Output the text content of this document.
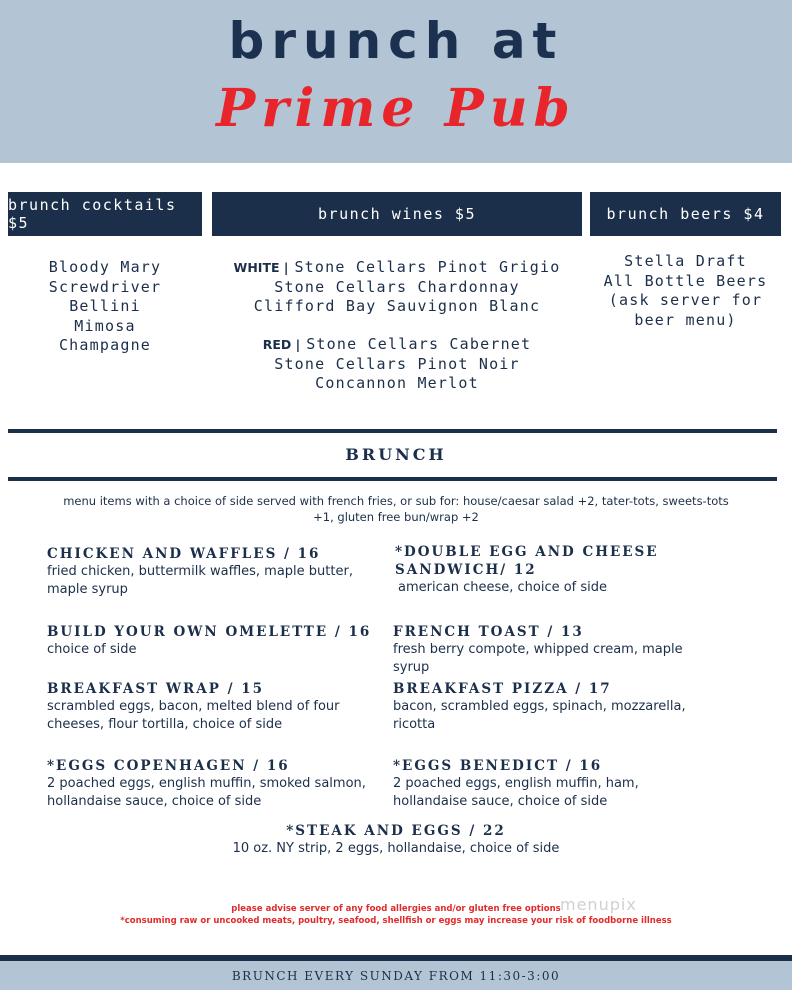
brunch at
Prime Pub
brunch cocktails $5	brunch wines $5	brunch beers $4
Bloody Mary
Screwdriver
Bellini
Mimosa
Champagne
WHITE | Stone Cellars Pinot Grigio
Stone Cellars Chardonnay
Clifford Bay Sauvignon Blanc
RED | Stone Cellars Cabernet
Stone Cellars Pinot Noir
Concannon Merlot
Stella Draft
All Bottle Beers
(ask server for
beer menu)
BRUNCH
menu items with a choice of side served with french fries, or sub for: house/caesar salad +2, tater-tots, sweets-tots
+1, gluten free bun/wrap +2
CHICKEN AND WAFFLES / 16
fried chicken, buttermilk waffles, maple butter, maple syrup
*DOUBLE EGG AND CHEESE SANDWICH/ 12
american cheese, choice of side
BUILD YOUR OWN OMELETTE / 16
choice of side
FRENCH TOAST / 13
fresh berry compote, whipped cream, maple syrup
BREAKFAST WRAP / 15
scrambled eggs, bacon, melted blend of four cheeses, flour tortilla, choice of side
BREAKFAST PIZZA / 17
bacon, scrambled eggs, spinach, mozzarella, ricotta
*EGGS COPENHAGEN / 16
2 poached eggs, english muffin, smoked salmon, hollandaise sauce, choice of side
*EGGS BENEDICT / 16
2 poached eggs, english muffin, ham, hollandaise sauce, choice of side
*STEAK AND EGGS / 22
10 oz. NY strip, 2 eggs, hollandaise, choice of side
please advise server of any food allergies and/or gluten free options
*consuming raw or uncooked meats, poultry, seafood, shellfish or eggs may increase your risk of foodborne illness
menupix
BRUNCH EVERY SUNDAY FROM 11:30-3:00
